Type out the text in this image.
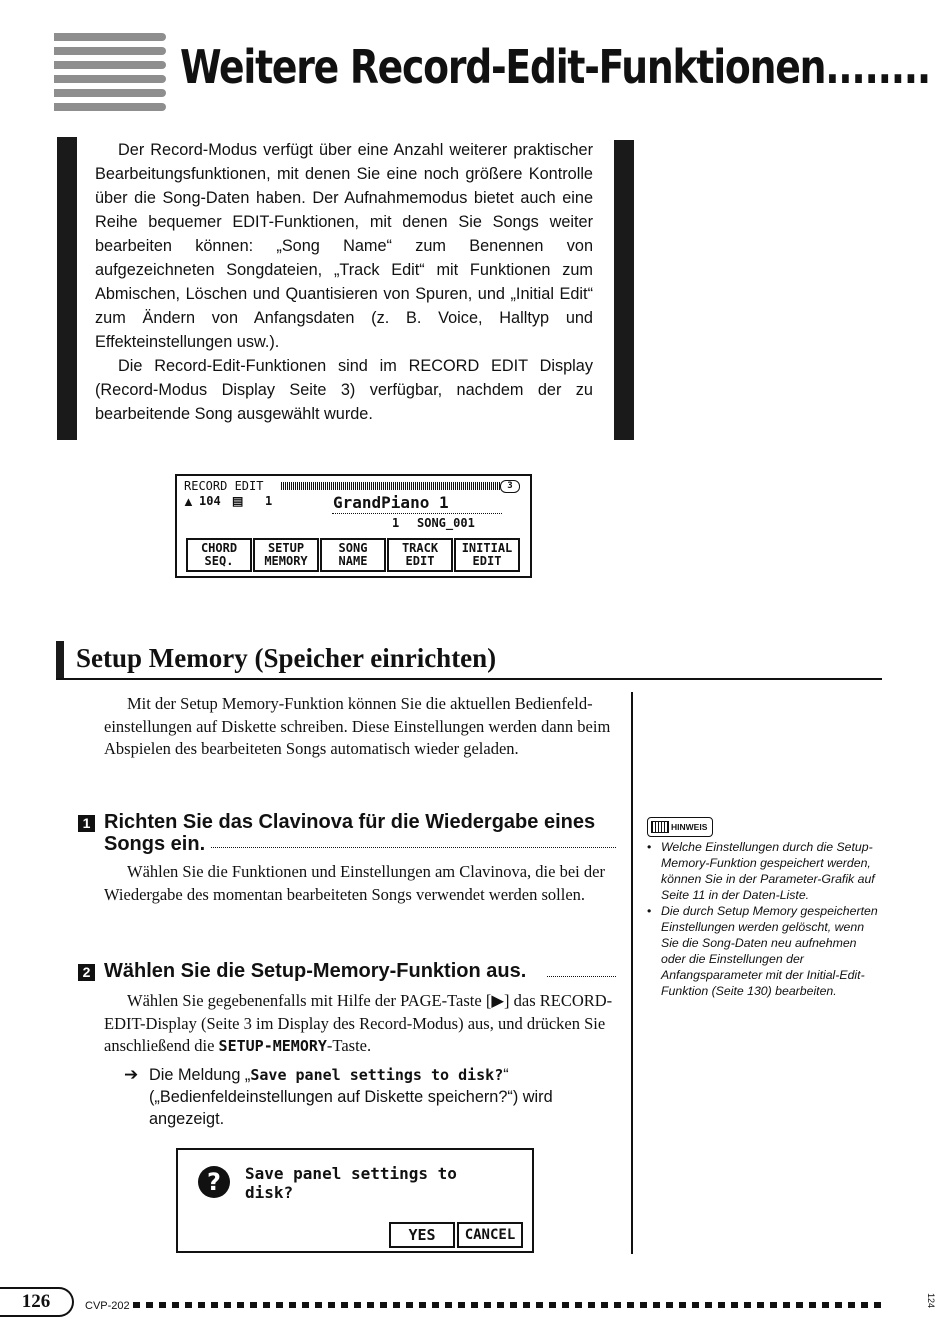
Weitere Record-Edit-Funktionen........

Der Record-Modus verfügt über eine Anzahl weiterer praktischer Bearbeitungsfunktionen, mit denen Sie eine noch größere Kontrolle über die Song-Daten haben. Der Aufnahmemodus bietet auch eine Reihe bequemer EDIT-Funktionen, mit denen Sie Songs weiter bearbeiten können: „Song Name“ zum Benennen von aufgezeichneten Songdateien, „Track Edit“ mit Funktionen zum Abmischen, Löschen und Quantisieren von Spuren, und „Initial Edit“ zum Ändern von Anfangsdaten (z. B. Voice, Halltyp und Effekteinstellungen usw.).

Die Record-Edit-Funktionen sind im RECORD EDIT Display (Record-Modus Display Seite 3) verfügbar, nachdem der zu bearbeitende Song ausgewählt wurde.

RECORD EDIT	3
▲ 104 ▤ 1	GrandPiano 1
1 SONG_001
CHORD SEQ.
SETUP MEMORY
SONG NAME
TRACK EDIT
INITIAL EDIT
Setup Memory (Speicher einrichten)
Mit der Setup Memory-Funktion können Sie die aktuellen Bedienfeld-einstellungen auf Diskette schreiben. Diese Einstellungen werden dann beim Abspielen des bearbeiteten Songs automatisch wieder geladen.
1 Richten Sie das Clavinova für die Wiedergabe eines
Songs ein.
Wählen Sie die Funktionen und Einstellungen am Clavinova, die bei der Wiedergabe des momentan bearbeiteten Songs verwendet werden sollen.
2 Wählen Sie die Setup-Memory-Funktion aus.
Wählen Sie gegebenenfalls mit Hilfe der PAGE-Taste [▶] das RECORD-EDIT-Display (Seite 3 im Display des Record-Modus) aus, und drücken Sie anschließend die SETUP-MEMORY-Taste.
➔ Die Meldung „Save panel settings to disk?“ („Bedienfeldeinstellungen auf Diskette speichern?“) wird angezeigt.
?	Save panel settings to
disk?
YES	CANCEL
HINWEIS
• Welche Einstellungen durch die Setup-Memory-Funktion gespeichert werden, können Sie in der Parameter-Grafik auf Seite 11 in der Daten-Liste.
• Die durch Setup Memory gespeicherten Einstellungen werden gelöscht, wenn Sie die Song-Daten neu aufnehmen oder die Einstellungen der Anfangsparameter mit der Initial-Edit-Funktion (Seite 130) bearbeiten.
126	CVP-202	124
